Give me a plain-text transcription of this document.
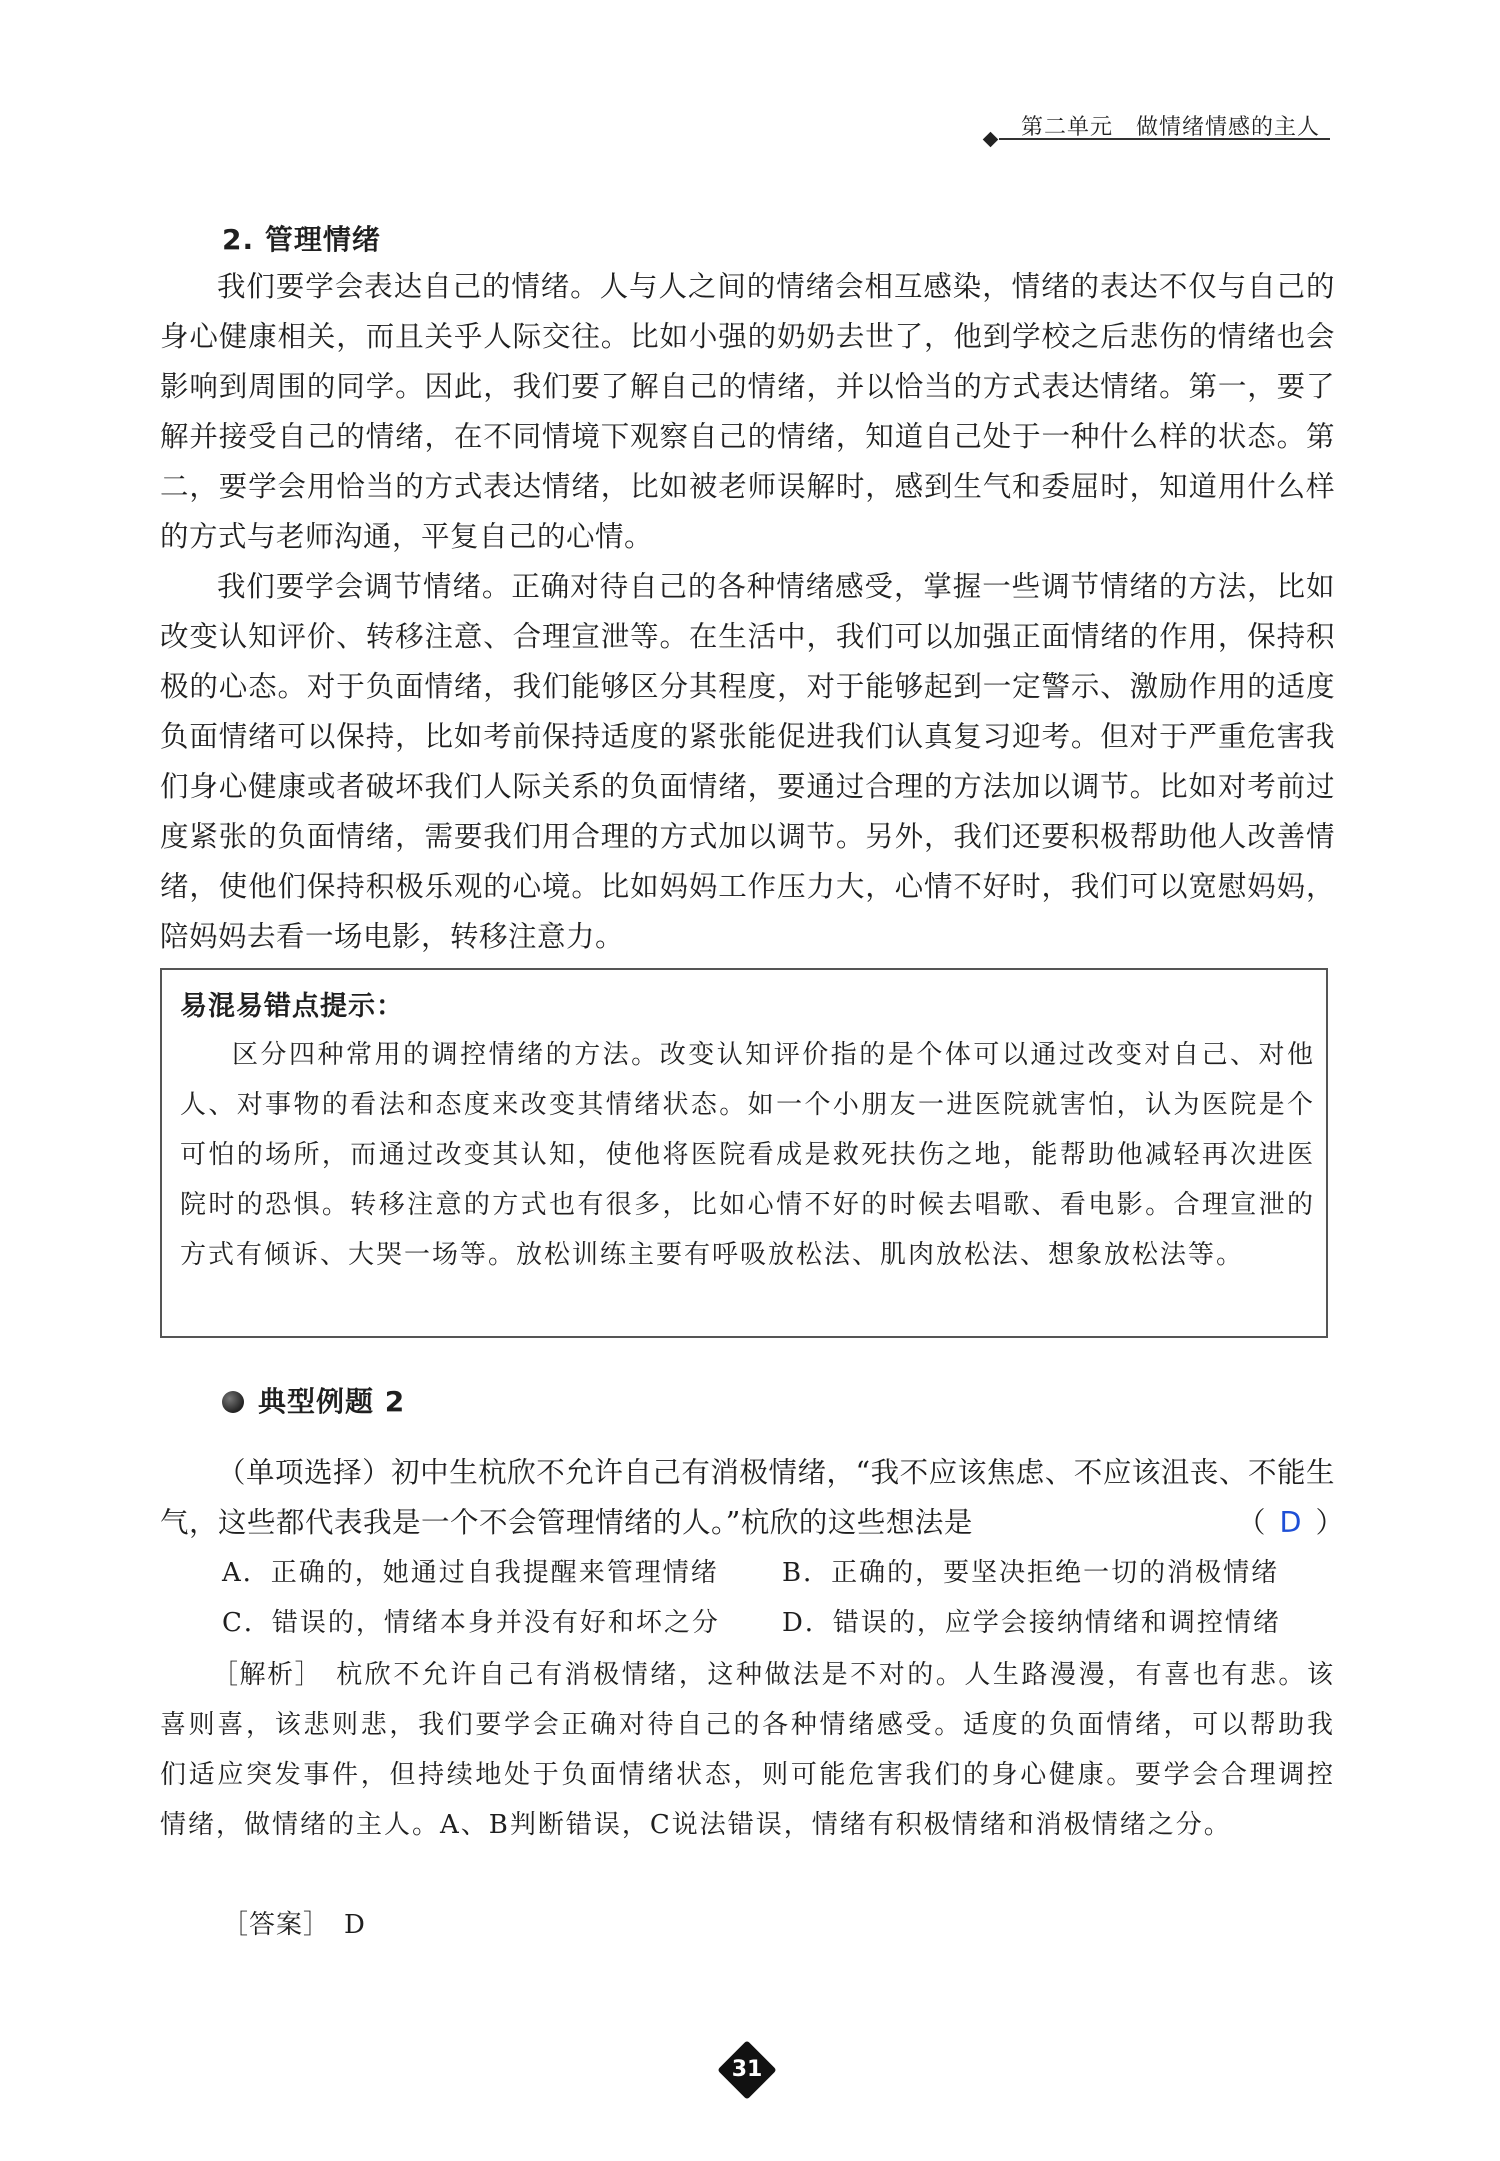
第二单元　做情绪情感的主人
2. 管理情绪

我们要学会表达自己的情绪。人与人之间的情绪会相互感染，情绪的表达不仅与自己的身心健康相关，而且关乎人际交往。比如小强的奶奶去世了，他到学校之后悲伤的情绪也会影响到周围的同学。因此，我们要了解自己的情绪，并以恰当的方式表达情绪。第一，要了解并接受自己的情绪，在不同情境下观察自己的情绪，知道自己处于一种什么样的状态。第二，要学会用恰当的方式表达情绪，比如被老师误解时，感到生气和委屈时，知道用什么样的方式与老师沟通，平复自己的心情。

我们要学会调节情绪。正确对待自己的各种情绪感受，掌握一些调节情绪的方法，比如改变认知评价、转移注意、合理宣泄等。在生活中，我们可以加强正面情绪的作用，保持积极的心态。对于负面情绪，我们能够区分其程度，对于能够起到一定警示、激励作用的适度负面情绪可以保持，比如考前保持适度的紧张能促进我们认真复习迎考。但对于严重危害我们身心健康或者破坏我们人际关系的负面情绪，要通过合理的方法加以调节。比如对考前过度紧张的负面情绪，需要我们用合理的方式加以调节。另外，我们还要积极帮助他人改善情绪，使他们保持积极乐观的心境。比如妈妈工作压力大，心情不好时，我们可以宽慰妈妈，陪妈妈去看一场电影，转移注意力。

易混易错点提示：

区分四种常用的调控情绪的方法。改变认知评价指的是个体可以通过改变对自己、对他人、对事物的看法和态度来改变其情绪状态。如一个小朋友一进医院就害怕，认为医院是个可怕的场所，而通过改变其认知，使他将医院看成是救死扶伤之地，能帮助他减轻再次进医院时的恐惧。转移注意的方式也有很多，比如心情不好的时候去唱歌、看电影。合理宣泄的方式有倾诉、大哭一场等。放松训练主要有呼吸放松法、肌肉放松法、想象放松法等。

典型例题 2

（单项选择）初中生杭欣不允许自己有消极情绪，“我不应该焦虑、不应该沮丧、不能生气，这些都代表我是一个不会管理情绪的人。”杭欣的这些想法是	（ D ）
A．正确的，她通过自我提醒来管理情绪 B．正确的，要坚决拒绝一切的消极情绪
C．错误的，情绪本身并没有好和坏之分 D．错误的，应学会接纳情绪和调控情绪

［解析］ 杭欣不允许自己有消极情绪，这种做法是不对的。人生路漫漫，有喜也有悲。该喜则喜，该悲则悲，我们要学会正确对待自己的各种情绪感受。适度的负面情绪，可以帮助我们适应突发事件，但持续地处于负面情绪状态，则可能危害我们的身心健康。要学会合理调控情绪，做情绪的主人。A、B判断错误，C说法错误，情绪有积极情绪和消极情绪之分。

［答案］ D
31
